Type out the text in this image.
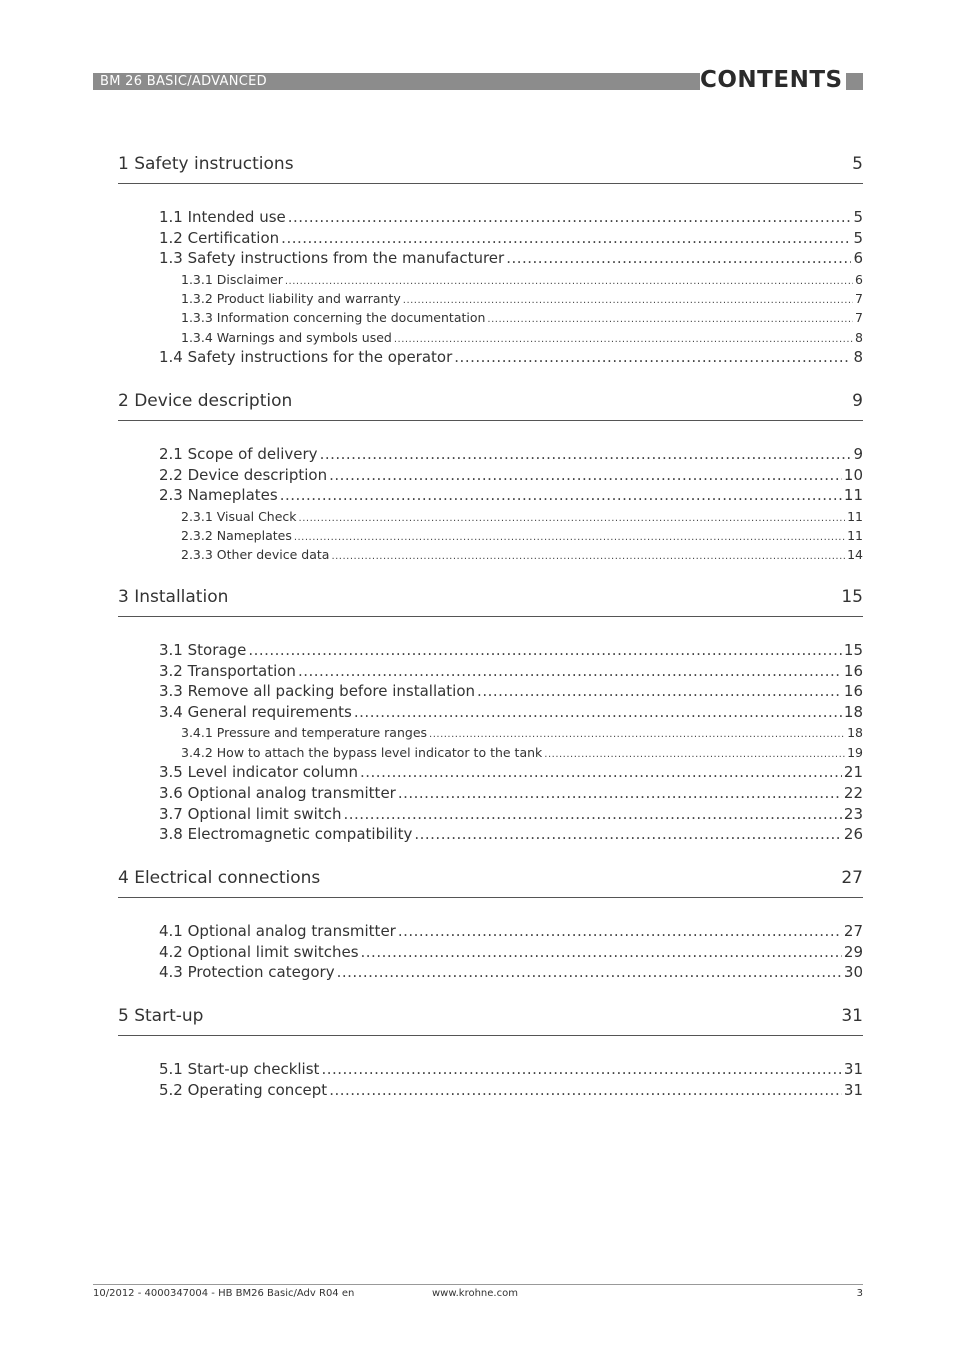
BM 26 BASIC/ADVANCED	CONTENTS
1 Safety instructions	5
1.1 Intended use .....	5
1.2 Certification .....	5
1.3 Safety instructions from the manufacturer .....	6
1.3.1 Disclaimer .....	6
1.3.2 Product liability and warranty .....	7
1.3.3 Information concerning the documentation .....	7
1.3.4 Warnings and symbols used .....	8
1.4 Safety instructions for the operator .....	8
2 Device description	9
2.1 Scope of delivery .....	9
2.2 Device description .....	10
2.3 Nameplates .....	11
2.3.1 Visual Check .....	11
2.3.2 Nameplates .....	11
2.3.3 Other device data .....	14
3 Installation	15
3.1 Storage .....	15
3.2 Transportation .....	16
3.3 Remove all packing before installation .....	16
3.4 General requirements .....	18
3.4.1 Pressure and temperature ranges .....	18
3.4.2 How to attach the bypass level indicator to the tank .....	19
3.5 Level indicator column .....	21
3.6 Optional analog transmitter .....	22
3.7 Optional limit switch .....	23
3.8 Electromagnetic compatibility .....	26
4 Electrical connections	27
4.1 Optional analog transmitter .....	27
4.2 Optional limit switches .....	29
4.3 Protection category .....	30
5 Start-up	31
5.1 Start-up checklist .....	31
5.2 Operating concept .....	31
10/2012 - 4000347004 - HB BM26 Basic/Adv R04 en	www.krohne.com	3
